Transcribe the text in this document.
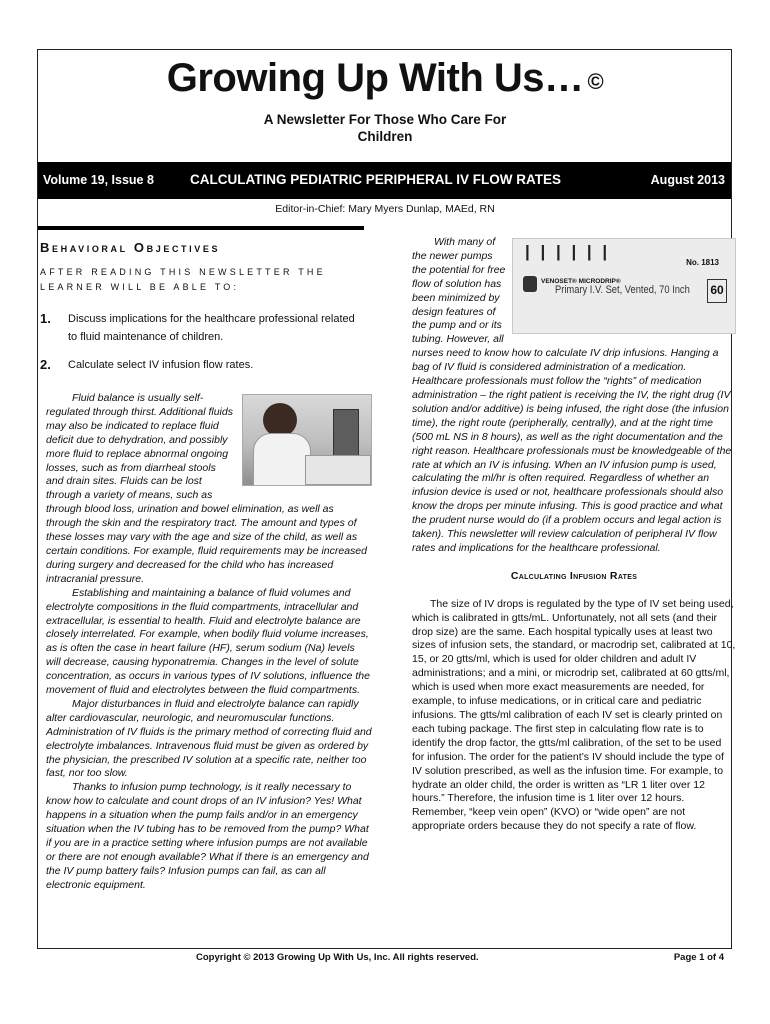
Growing Up With Us… ©
A Newsletter For Those Who Care For
Children
Volume 19, Issue 8	CALCULATING PEDIATRIC PERIPHERAL IV FLOW RATES	August 2013
Editor-in-Chief: Mary Myers Dunlap, MAEd, RN
Behavioral Objectives
AFTER READING THIS NEWSLETTER THE LEARNER WILL BE ABLE TO:
1. Discuss implications for the healthcare professional related to fluid maintenance of children.
2. Calculate select IV infusion flow rates.

Fluid balance is usually self-regulated through thirst. Additional fluids may also be indicated to replace fluid deficit due to dehydration, and possibly more fluid to replace abnormal ongoing losses, such as from diarrheal stools and drain sites. Fluids can be lost through a variety of means, such as through blood loss, urination and bowel elimination, as well as through the skin and the respiratory tract. The amount and types of these losses may vary with the age and size of the child, as well as certain conditions. For example, fluid requirements may be increased during surgery and decreased for the child who has increased intracranial pressure.

Establishing and maintaining a balance of fluid volumes and electrolyte compositions in the fluid compartments, intracellular and extracellular, is essential to health. Fluid and electrolyte balance are closely interrelated. For example, when bodily fluid volume increases, as is often the case in heart failure (HF), serum sodium (Na) levels will decrease, causing hyponatremia. Changes in the level of solute concentration, as occurs in various types of IV solutions, influence the movement of fluid and electrolytes between the fluid compartments.

Major disturbances in fluid and electrolyte balance can rapidly alter cardiovascular, neurologic, and neuromuscular functions. Administration of IV fluids is the primary method of correcting fluid and electrolyte imbalances. Intravenous fluid must be given as ordered by the physician, the prescribed IV solution at a specific rate, neither too fast, nor too slow.

Thanks to infusion pump technology, is it really necessary to know how to calculate and count drops of an IV infusion? Yes! What happens in a situation when the pump fails and/or in an emergency situation when the IV tubing has to be removed from the pump? What if you are in a practice setting where infusion pumps are not available or there are not enough available? What if there is an emergency and the IV pump battery fails? Infusion pumps can fail, as can all electronic equipment.

| | | | | |
No. 1813
VENOSET® MICRODRIP®
Primary I.V. Set, Vented, 70 Inch 60

With many of the newer pumps the potential for free flow of solution has been minimized by design features of the pump and or its tubing. However, all nurses need to know how to calculate IV drip infusions. Hanging a bag of IV fluid is considered administration of a medication. Healthcare professionals must follow the “rights” of medication administration – the right patient is receiving the IV, the right drug (IV solution and/or additive) is being infused, the right dose (the infusion time), the right route (peripherally, centrally), and at the right time (500 mL NS in 8 hours), as well as the right documentation and the right reason. Healthcare professionals must be knowledgeable of the rate at which an IV is infusing. When an IV infusion pump is used, calculating the ml/hr is often required. Regardless of whether an infusion device is used or not, healthcare professionals should also know the drops per minute infusing. This is good practice and what the prudent nurse would do (if a problem occurs and legal action is taken). This newsletter will review calculation of peripheral IV flow rates and implications for the healthcare professional.

Calculating Infusion Rates

The size of IV drops is regulated by the type of IV set being used, which is calibrated in gtts/mL. Unfortunately, not all sets (and their drop size) are the same. Each hospital typically uses at least two sizes of infusion sets, the standard, or macrodrip set, calibrated at 10, 15, or 20 gtts/ml, which is used for older children and adult IV administrations; and a mini, or microdrip set, calibrated at 60 gtts/ml, which is used when more exact measurements are needed, for example, to infuse medications, or in critical care and pediatric infusions. The gtts/ml calibration of each IV set is clearly printed on each tubing package. The first step in calculating flow rate is to identify the drop factor, the gtts/ml calibration, of the set to be used for infusion. The order for the patient’s IV should include the type of IV solution prescribed, as well as the infusion time. For example, to hydrate an older child, the order is written as “LR 1 liter over 12 hours.” Therefore, the infusion time is 1 liter over 12 hours. Remember, “keep vein open” (KVO) or “wide open” are not appropriate orders because they do not specify a rate of flow.

Copyright © 2013 Growing Up With Us, Inc. All rights reserved.	Page 1 of 4
